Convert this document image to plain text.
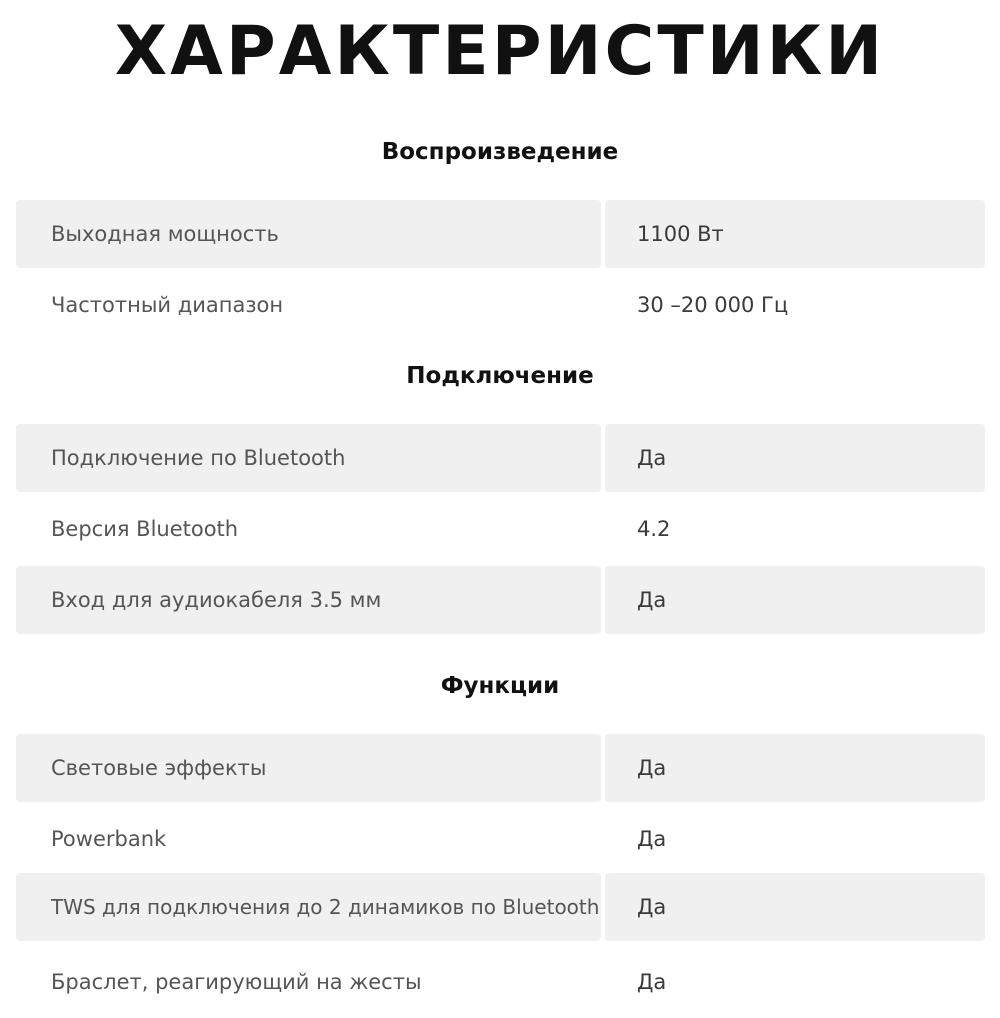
ХАРАКТЕРИСТИКИ
Воспроизведение
Выходная мощность	1100 Вт
Частотный диапазон	30 –20 000 Гц
Подключение
Подключение по Bluetooth	Да
Версия Bluetooth	4.2
Вход для аудиокабеля 3.5 мм	Да
Функции
Световые эффекты	Да
Powerbank	Да
TWS для подключения до 2 динамиков по Bluetooth	Да
Браслет, реагирующий на жесты	Да
